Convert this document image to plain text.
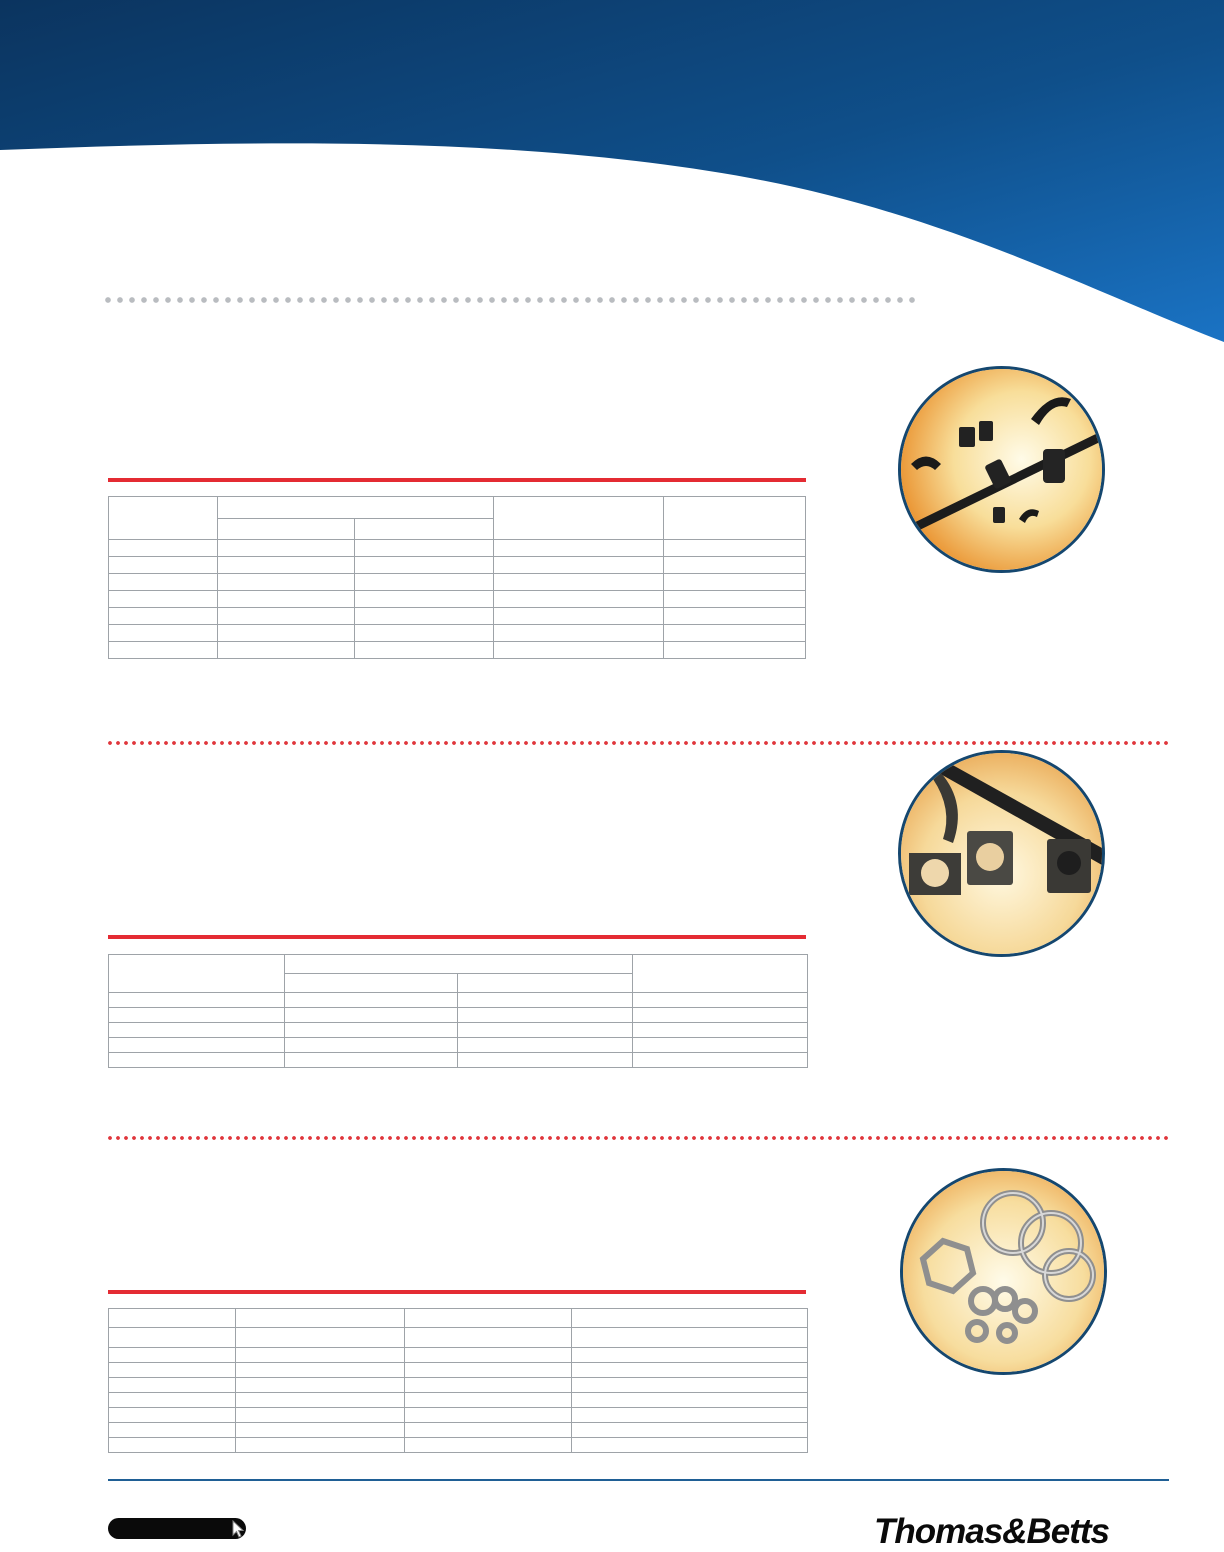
Thomas&Betts
